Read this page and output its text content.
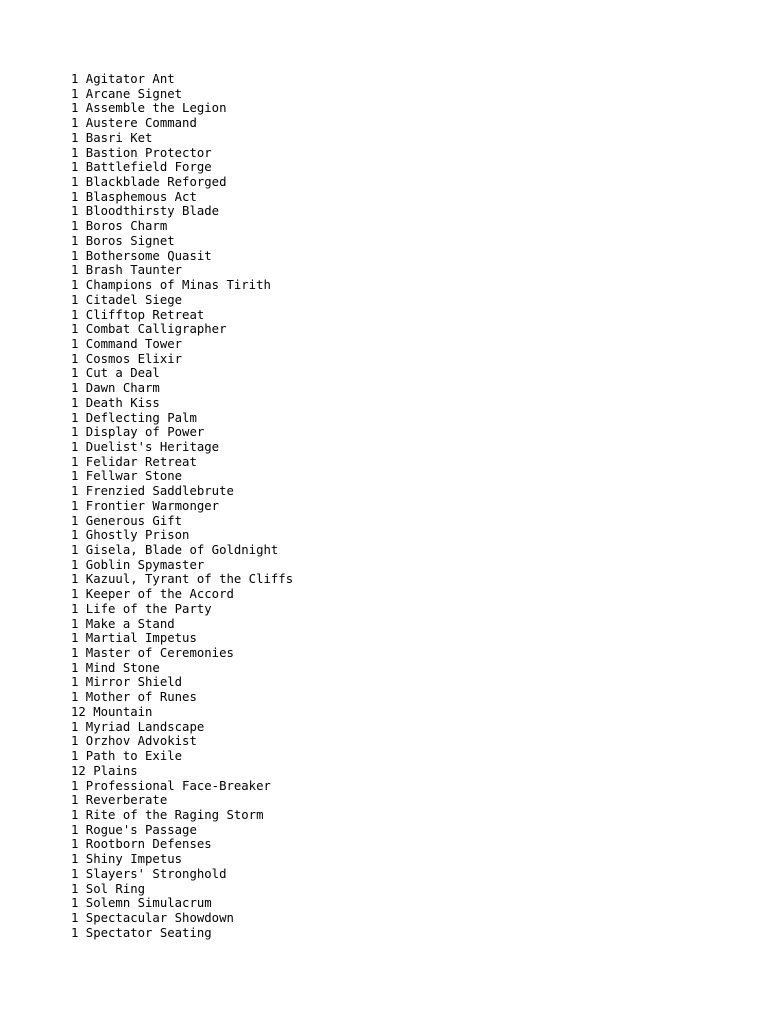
1 Agitator Ant
1 Arcane Signet
1 Assemble the Legion
1 Austere Command
1 Basri Ket
1 Bastion Protector
1 Battlefield Forge
1 Blackblade Reforged
1 Blasphemous Act
1 Bloodthirsty Blade
1 Boros Charm
1 Boros Signet
1 Bothersome Quasit
1 Brash Taunter
1 Champions of Minas Tirith
1 Citadel Siege
1 Clifftop Retreat
1 Combat Calligrapher
1 Command Tower
1 Cosmos Elixir
1 Cut a Deal
1 Dawn Charm
1 Death Kiss
1 Deflecting Palm
1 Display of Power
1 Duelist's Heritage
1 Felidar Retreat
1 Fellwar Stone
1 Frenzied Saddlebrute
1 Frontier Warmonger
1 Generous Gift
1 Ghostly Prison
1 Gisela, Blade of Goldnight
1 Goblin Spymaster
1 Kazuul, Tyrant of the Cliffs
1 Keeper of the Accord
1 Life of the Party
1 Make a Stand
1 Martial Impetus
1 Master of Ceremonies
1 Mind Stone
1 Mirror Shield
1 Mother of Runes
12 Mountain
1 Myriad Landscape
1 Orzhov Advokist
1 Path to Exile
12 Plains
1 Professional Face-Breaker
1 Reverberate
1 Rite of the Raging Storm
1 Rogue's Passage
1 Rootborn Defenses
1 Shiny Impetus
1 Slayers' Stronghold
1 Sol Ring
1 Solemn Simulacrum
1 Spectacular Showdown
1 Spectator Seating
